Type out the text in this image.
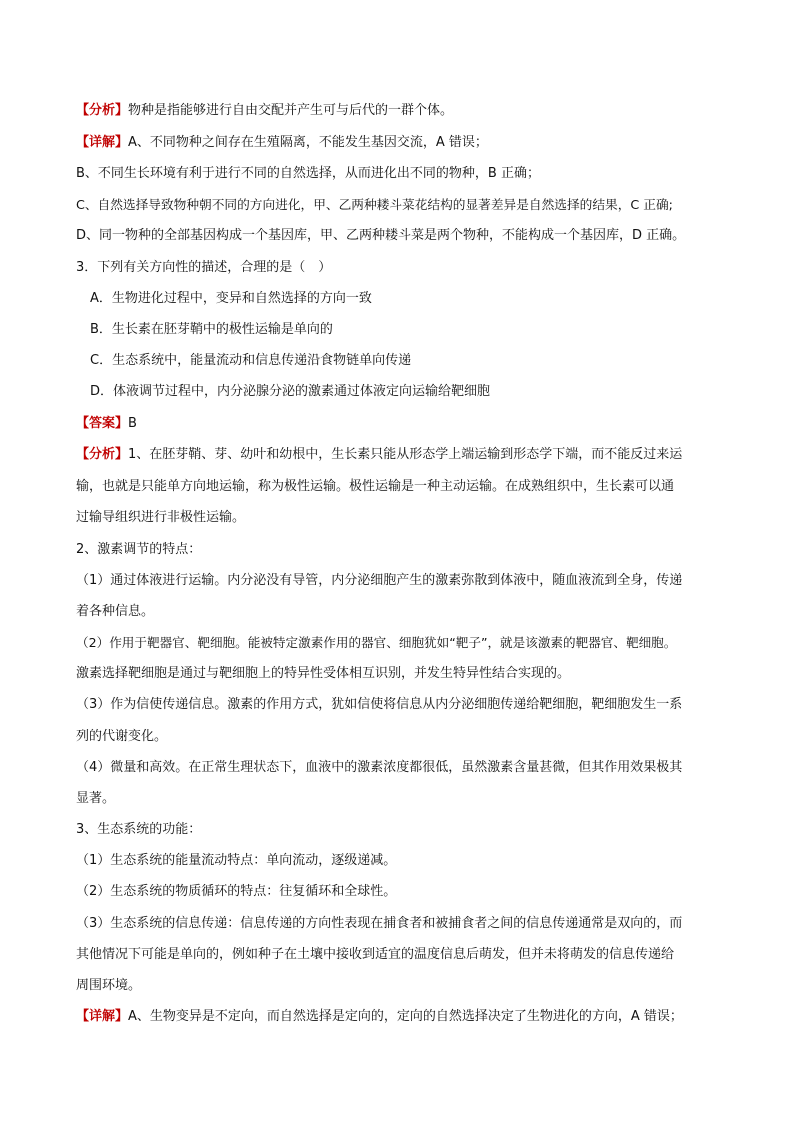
【分析】物种是指能够进行自由交配并产生可与后代的一群个体。
【详解】A、不同物种之间存在生殖隔离，不能发生基因交流，A 错误；
B、不同生长环境有利于进行不同的自然选择，从而进化出不同的物种，B 正确；
C、自然选择导致物种朝不同的方向进化，甲、乙两种耧斗菜花结构的显著差异是自然选择的结果，C 正确;
D、同一物种的全部基因构成一个基因库，甲、乙两种耧斗菜是两个物种，不能构成一个基因库，D 正确。
3．下列有关方向性的描述，合理的是（　）
A．生物进化过程中，变异和自然选择的方向一致
B．生长素在胚芽鞘中的极性运输是单向的
C．生态系统中，能量流动和信息传递沿食物链单向传递
D．体液调节过程中，内分泌腺分泌的激素通过体液定向运输给靶细胞
【答案】B
【分析】1、在胚芽鞘、芽、幼叶和幼根中，生长素只能从形态学上端运输到形态学下端，而不能反过来运
输，也就是只能单方向地运输，称为极性运输。极性运输是一种主动运输。在成熟组织中，生长素可以通
过输导组织进行非极性运输。
2、激素调节的特点：
（1）通过体液进行运输。内分泌没有导管，内分泌细胞产生的激素弥散到体液中，随血液流到全身，传递
着各种信息。
（2）作用于靶器官、靶细胞。能被特定激素作用的器官、细胞犹如“靶子”，就是该激素的靶器官、靶细胞。
激素选择靶细胞是通过与靶细胞上的特异性受体相互识别，并发生特异性结合实现的。
（3）作为信使传递信息。激素的作用方式，犹如信使将信息从内分泌细胞传递给靶细胞，靶细胞发生一系
列的代谢变化。
（4）微量和高效。在正常生理状态下，血液中的激素浓度都很低，虽然激素含量甚微，但其作用效果极其
显著。
3、生态系统的功能：
（1）生态系统的能量流动特点：单向流动，逐级递减。
（2）生态系统的物质循环的特点：往复循环和全球性。
（3）生态系统的信息传递：信息传递的方向性表现在捕食者和被捕食者之间的信息传递通常是双向的，而
其他情况下可能是单向的，例如种子在土壤中接收到适宜的温度信息后萌发，但并未将萌发的信息传递给
周围环境。
【详解】A、生物变异是不定向，而自然选择是定向的，定向的自然选择决定了生物进化的方向，A 错误；
